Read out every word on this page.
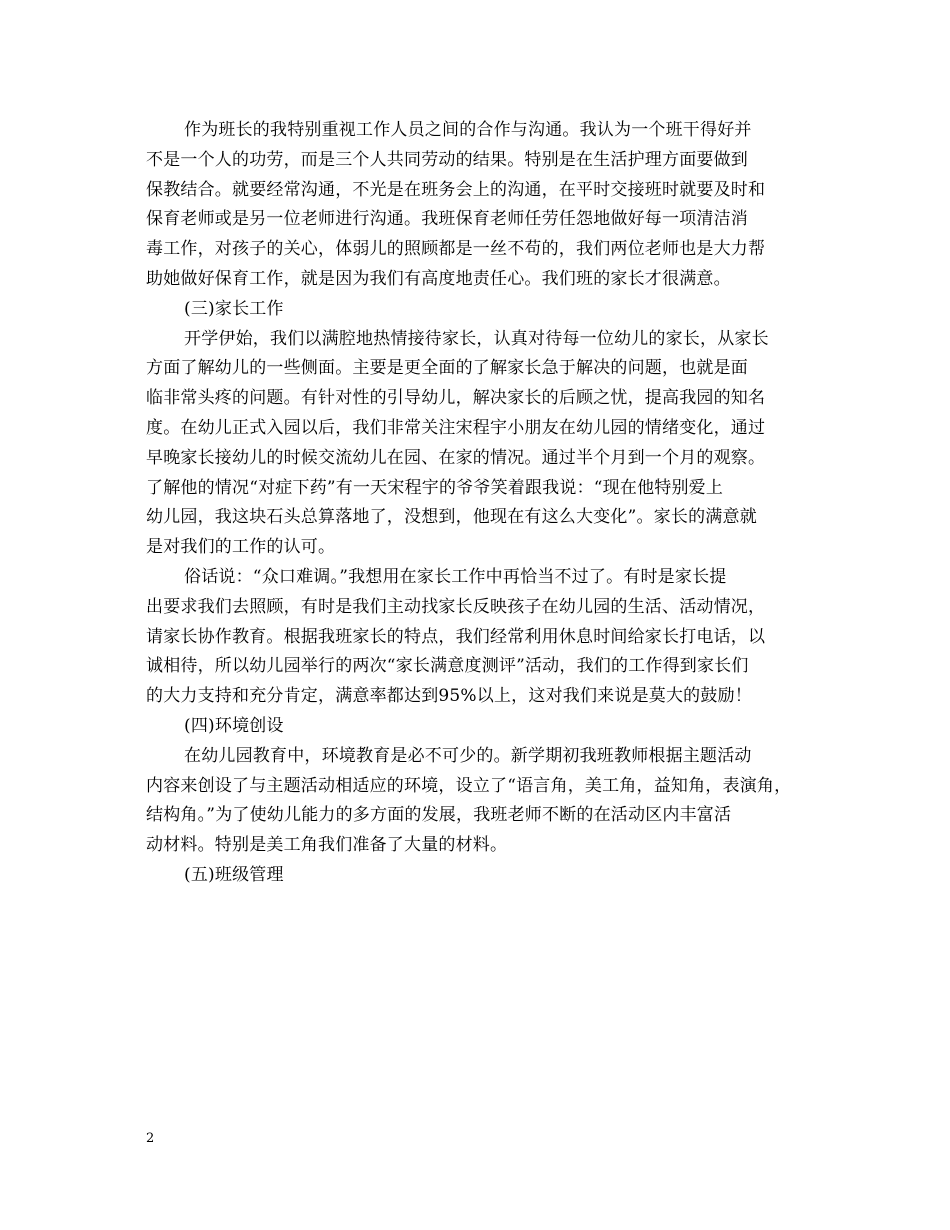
作为班长的我特别重视工作人员之间的合作与沟通。我认为一个班干得好并
不是一个人的功劳，而是三个人共同劳动的结果。特别是在生活护理方面要做到
保教结合。就要经常沟通，不光是在班务会上的沟通，在平时交接班时就要及时和
保育老师或是另一位老师进行沟通。我班保育老师任劳任怨地做好每一项清洁消
毒工作，对孩子的关心，体弱儿的照顾都是一丝不苟的，我们两位老师也是大力帮
助她做好保育工作，就是因为我们有高度地责任心。我们班的家长才很满意。
(三)家长工作
开学伊始，我们以满腔地热情接待家长，认真对待每一位幼儿的家长，从家长
方面了解幼儿的一些侧面。主要是更全面的了解家长急于解决的问题，也就是面
临非常头疼的问题。有针对性的引导幼儿，解决家长的后顾之忧，提高我园的知名
度。在幼儿正式入园以后，我们非常关注宋程宇小朋友在幼儿园的情绪变化，通过
早晚家长接幼儿的时候交流幼儿在园、在家的情况。通过半个月到一个月的观察。
了解他的情况“对症下药”有一天宋程宇的爷爷笑着跟我说：“现在他特别爱上
幼儿园，我这块石头总算落地了，没想到，他现在有这么大变化”。家长的满意就
是对我们的工作的认可。
俗话说：“众口难调。”我想用在家长工作中再恰当不过了。有时是家长提
出要求我们去照顾，有时是我们主动找家长反映孩子在幼儿园的生活、活动情况，
请家长协作教育。根据我班家长的特点，我们经常利用休息时间给家长打电话，以
诚相待，所以幼儿园举行的两次“家长满意度测评”活动，我们的工作得到家长们
的大力支持和充分肯定，满意率都达到95%以上，这对我们来说是莫大的鼓励！
(四)环境创设
在幼儿园教育中，环境教育是必不可少的。新学期初我班教师根据主题活动
内容来创设了与主题活动相适应的环境，设立了“语言角，美工角，益知角，表演角，
结构角。”为了使幼儿能力的多方面的发展，我班老师不断的在活动区内丰富活
动材料。特别是美工角我们准备了大量的材料。
(五)班级管理
2
